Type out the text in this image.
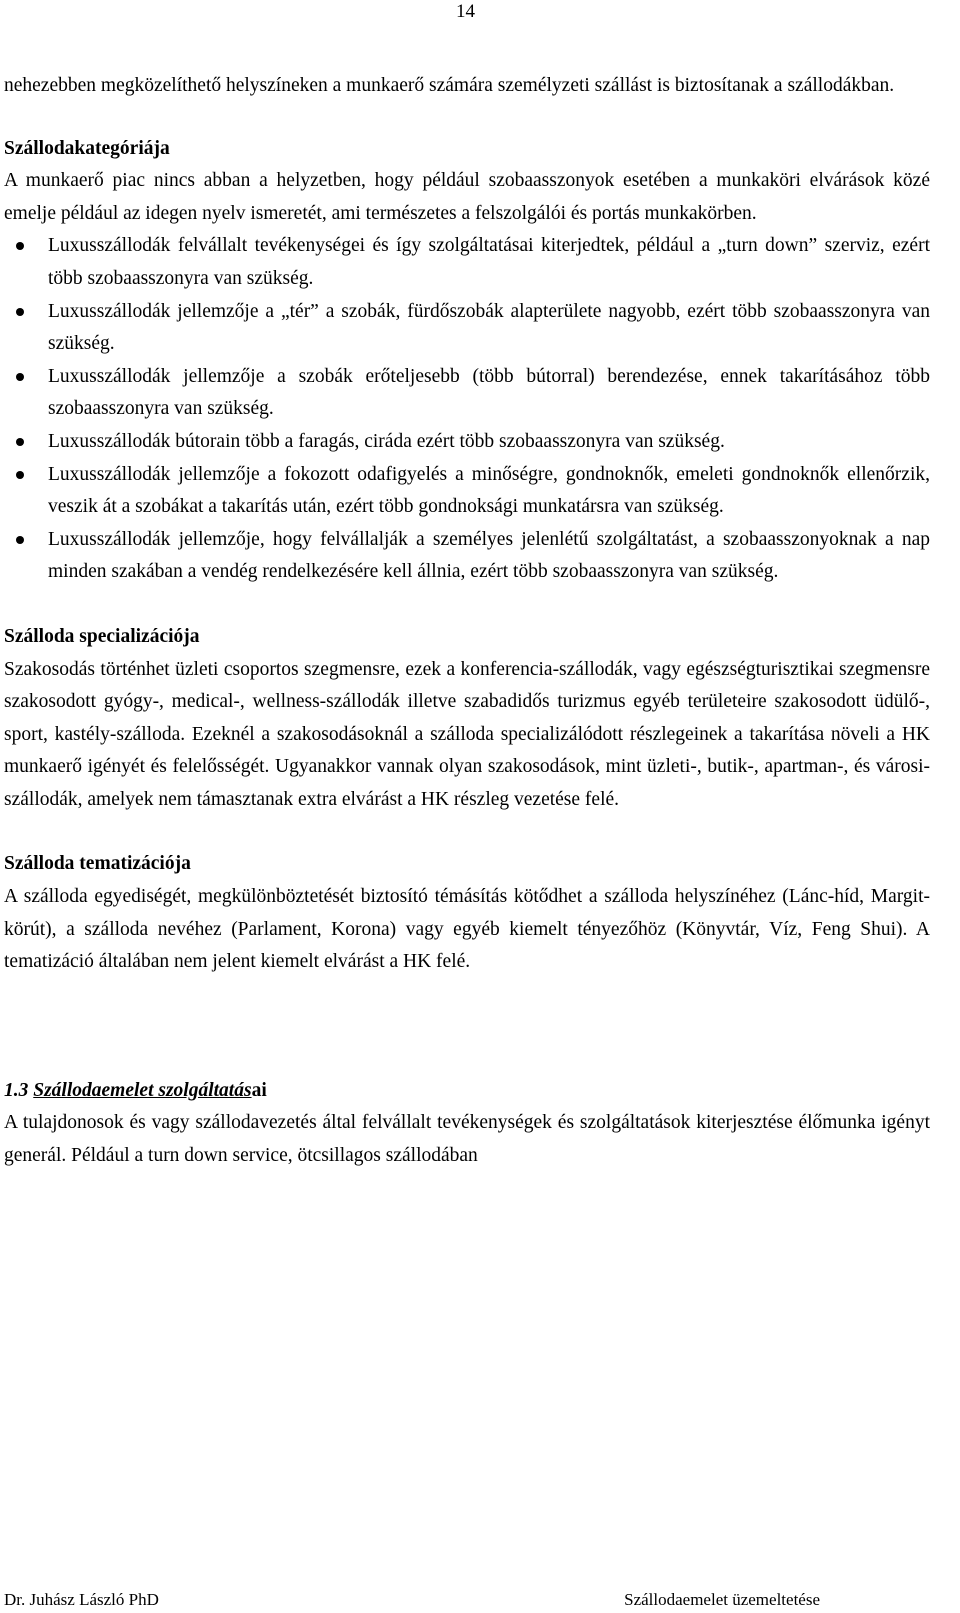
14

nehezebben megközelíthető helyszíneken a munkaerő számára személyzeti szállást is biztosítanak a szállodákban.

Szállodakategóriája

A munkaerő piac nincs abban a helyzetben, hogy például szobaasszonyok esetében a munkaköri elvárások közé emelje például az idegen nyelv ismeretét, ami természetes a felszolgálói és portás munkakörben.

Luxusszállodák felvállalt tevékenységei és így szolgáltatásai kiterjedtek, például a „turn down” szerviz, ezért több szobaasszonyra van szükség.
Luxusszállodák jellemzője a „tér” a szobák, fürdőszobák alapterülete nagyobb, ezért több szobaasszonyra van szükség.
Luxusszállodák jellemzője a szobák erőteljesebb (több bútorral) berendezése, ennek takarításához több szobaasszonyra van szükség.
Luxusszállodák bútorain több a faragás, ciráda ezért több szobaasszonyra van szükség.
Luxusszállodák jellemzője a fokozott odafigyelés a minőségre, gondnoknők, emeleti gondnoknők ellenőrzik, veszik át a szobákat a takarítás után, ezért több gondnoksági munkatársra van szükség.
Luxusszállodák jellemzője, hogy felvállalják a személyes jelenlétű szolgáltatást, a szobaasszonyoknak a nap minden szakában a vendég rendelkezésére kell állnia, ezért több szobaasszonyra van szükség.
Szálloda specializációja

Szakosodás történhet üzleti csoportos szegmensre, ezek a konferencia-szállodák, vagy egészségturisztikai szegmensre szakosodott gyógy-, medical-, wellness-szállodák illetve szabadidős turizmus egyéb területeire szakosodott üdülő-, sport, kastély-szálloda. Ezeknél a szakosodásoknál a szálloda specializálódott részlegeinek a takarítása növeli a HK munkaerő igényét és felelősségét. Ugyanakkor vannak olyan szakosodások, mint üzleti-, butik-, apartman-, és városi-szállodák, amelyek nem támasztanak extra elvárást a HK részleg vezetése felé.

Szálloda tematizációja

A szálloda egyediségét, megkülönböztetését biztosító témásítás kötődhet a szálloda helyszínéhez (Lánc-híd, Margit-körút), a szálloda nevéhez (Parlament, Korona) vagy egyéb kiemelt tényezőhöz (Könyvtár, Víz, Feng Shui). A tematizáció általában nem jelent kiemelt elvárást a HK felé.

1.3 Szállodaemelet szolgáltatásai

A tulajdonosok és vagy szállodavezetés által felvállalt tevékenységek és szolgáltatások kiterjesztése élőmunka igényt generál. Például a turn down service, ötcsillagos szállodában

Dr. Juhász László PhD	Szállodaemelet üzemeltetése
